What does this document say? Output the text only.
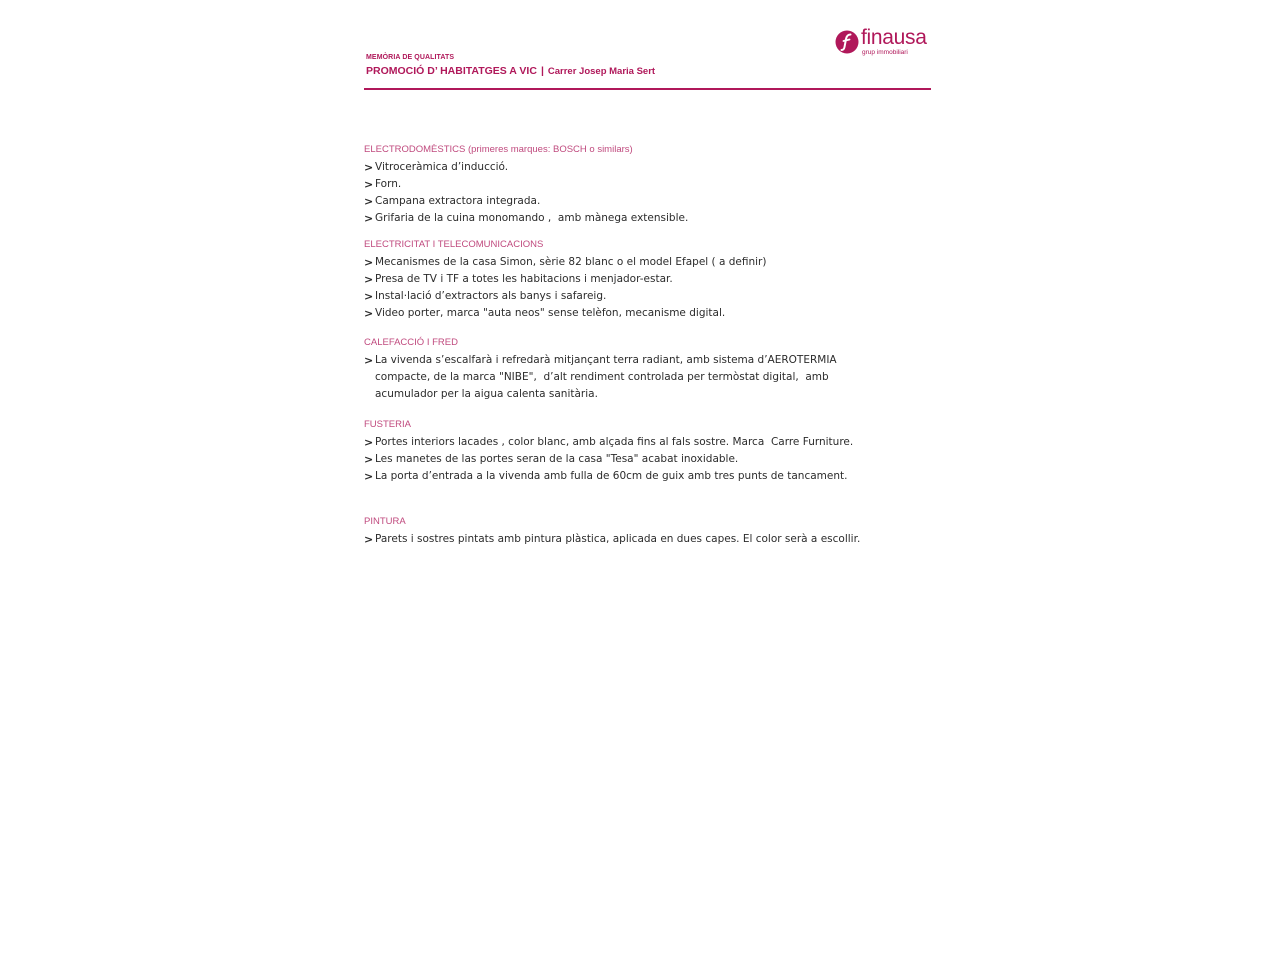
MEMÒRIA DE QUALITATS
PROMOCIÓ D’ HABITATGES A VIC | Carrer Josep Maria Sert
finausa
grup immobiliari
ELECTRODOMÈSTICS (primeres marques: BOSCH o similars)
> Vitroceràmica d’inducció.
> Forn.
> Campana extractora integrada.
> Grifaria de la cuina monomando ,  amb mànega extensible.
ELECTRICITAT I TELECOMUNICACIONS
> Mecanismes de la casa Simon, sèrie 82 blanc o el model Efapel ( a definir)
> Presa de TV i TF a totes les habitacions i menjador-estar.
> Instal·lació d’extractors als banys i safareig.
> Video porter, marca "auta neos" sense telèfon, mecanisme digital.
CALEFACCIÓ I FRED
> La vivenda s’escalfarà i refredarà mitjançant terra radiant, amb sistema d’AEROTERMIA
compacte, de la marca "NIBE",  d’alt rendiment controlada per termòstat digital,  amb
acumulador per la aigua calenta sanitària.
FUSTERIA
> Portes interiors lacades , color blanc, amb alçada fins al fals sostre. Marca  Carre Furniture.
> Les manetes de las portes seran de la casa "Tesa" acabat inoxidable.
> La porta d’entrada a la vivenda amb fulla de 60cm de guix amb tres punts de tancament.
PINTURA
> Parets i sostres pintats amb pintura plàstica, aplicada en dues capes. El color serà a escollir.
